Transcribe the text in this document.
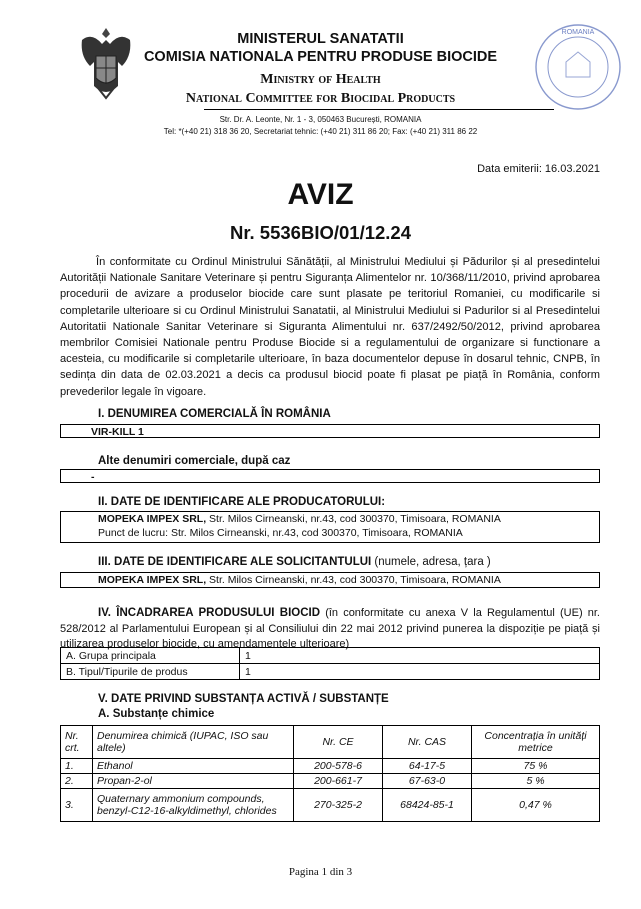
ROMANIA
MINISTERUL SANATATII
COMISIA NATIONALA PENTRU PRODUSE BIOCIDE
Ministry of Health
National Committee for Biocidal Products
Str. Dr. A. Leonte, Nr. 1 - 3, 050463 București, ROMANIA
Tel: *(+40 21) 318 36 20, Secretariat tehnic: (+40 21) 311 86 20; Fax: (+40 21) 311 86 22
Data emiterii: 16.03.2021
AVIZ
Nr. 5536BIO/01/12.24
În conformitate cu Ordinul Ministrului Sănătății, al Ministrului Mediului și Pădurilor și al presedintelui Autorității Nationale Sanitare Veterinare și pentru Siguranța Alimentelor nr. 10/368/11/2010, privind aprobarea procedurii de avizare a produselor biocide care sunt plasate pe teritoriul Romaniei, cu modificarile si completarile ulterioare si cu Ordinul Ministrului Sanatatii, al Ministrului Mediului si Padurilor si al Presedintelui Autoritatii Nationale Sanitar Veterinare si Siguranta Alimentului nr. 637/2492/50/2012, privind aprobarea membrilor Comisiei Nationale pentru Produse Biocide si a regulamentului de organizare si functionare a acesteia, cu modificarile si completarile ulterioare, în baza documentelor depuse în dosarul tehnic, CNPB, în sedința din data de 02.03.2021 a decis ca produsul biocid poate fi plasat pe piață în România, conform prevederilor legale în vigoare.
I. DENUMIREA COMERCIALĂ ÎN ROMÂNIA
VIR-KILL 1
Alte denumiri comerciale, după caz
-
II. DATE DE IDENTIFICARE ALE PRODUCATORULUI:
MOPEKA IMPEX SRL, Str. Milos Cirneanski, nr.43, cod 300370, Timisoara, ROMANIA
Punct de lucru: Str. Milos Cirneanski, nr.43, cod 300370, Timisoara, ROMANIA
III. DATE DE IDENTIFICARE ALE SOLICITANTULUI (numele, adresa, țara )
MOPEKA IMPEX SRL, Str. Milos Cirneanski, nr.43, cod 300370, Timisoara, ROMANIA
IV. ÎNCADRAREA PRODUSULUI BIOCID (în conformitate cu anexa V la Regulamentul (UE) nr. 528/2012 al Parlamentului European și al Consiliului din 22 mai 2012 privind punerea la dispoziție pe piață și utilizarea produselor biocide, cu amendamentele ulterioare)
A. Grupa principala	1
B. Tipul/Tipurile de produs	1
V. DATE PRIVIND SUBSTANȚA ACTIVĂ / SUBSTANȚE
A. Substanțe chimice
Nr. crt.	Denumirea chimică (IUPAC, ISO sau altele)	Nr. CE	Nr. CAS	Concentrația în unități metrice
1.	Ethanol	200-578-6	64-17-5	75 %
2.	Propan-2-ol	200-661-7	67-63-0	5 %
3.	Quaternary ammonium compounds, benzyl-C12-16-alkyldimethyl, chlorides	270-325-2	68424-85-1	0,47 %
Pagina 1 din 3
